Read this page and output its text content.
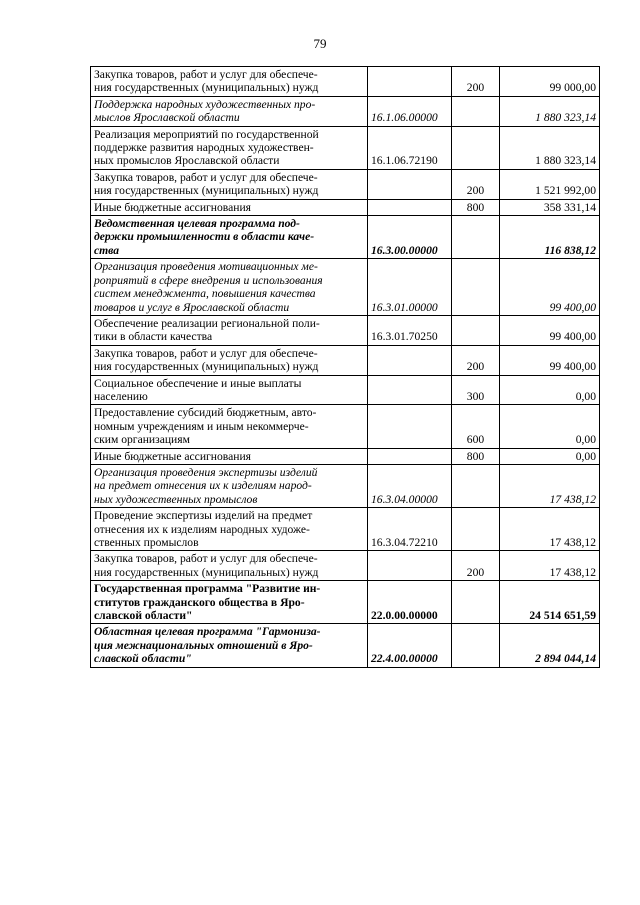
79
Закупка товаров, работ и услуг для обеспече-
ния государственных (муниципальных) нужд		200	99 000,00
Поддержка народных художественных про-
мыслов Ярославской области	16.1.06.00000		1 880 323,14
Реализация мероприятий по государственной
поддержке развития народных художествен-
ных промыслов Ярославской области	16.1.06.72190		1 880 323,14
Закупка товаров, работ и услуг для обеспече-
ния государственных (муниципальных) нужд		200	1 521 992,00
Иные бюджетные ассигнования		800	358 331,14
Ведомственная целевая программа под-
держки промышленности в области каче-
ства	16.3.00.00000		116 838,12
Организация проведения мотивационных ме-
роприятий в сфере внедрения и использования
систем менеджмента, повышения качества
товаров и услуг в Ярославской области	16.3.01.00000		99 400,00
Обеспечение реализации региональной поли-
тики в области качества	16.3.01.70250		99 400,00
Закупка товаров, работ и услуг для обеспече-
ния государственных (муниципальных) нужд		200	99 400,00
Социальное обеспечение и иные выплаты
населению		300	0,00
Предоставление субсидий бюджетным, авто-
номным учреждениям и иным некоммерче-
ским организациям		600	0,00
Иные бюджетные ассигнования		800	0,00
Организация проведения экспертизы изделий
на предмет отнесения их к изделиям народ-
ных художественных промыслов	16.3.04.00000		17 438,12
Проведение экспертизы изделий на предмет
отнесения их к изделиям народных художе-
ственных промыслов	16.3.04.72210		17 438,12
Закупка товаров, работ и услуг для обеспече-
ния государственных (муниципальных) нужд		200	17 438,12
Государственная программа "Развитие ин-
ститутов гражданского общества в Яро-
славской области"	22.0.00.00000		24 514 651,59
Областная целевая программа "Гармониза-
ция межнациональных отношений в Яро-
славской области"	22.4.00.00000		2 894 044,14
